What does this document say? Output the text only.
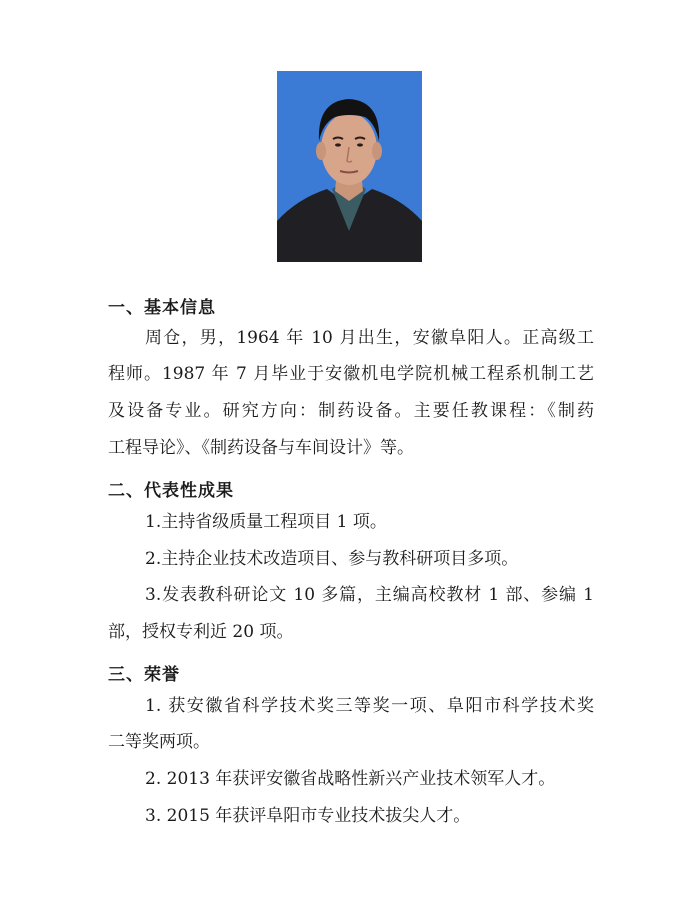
一、基本信息
周仓，男，1964 年 10 月出生，安徽阜阳人。正高级工
程师。1987 年 7 月毕业于安徽机电学院机械工程系机制工艺
及设备专业。研究方向：制药设备。主要任教课程：《制药
工程导论》、《制药设备与车间设计》等。
二、代表性成果
1.主持省级质量工程项目 1 项。
2.主持企业技术改造项目、参与教科研项目多项。
3.发表教科研论文 10 多篇，主编高校教材 1 部、参编 1
部，授权专利近 20 项。
三、荣誉
1. 获安徽省科学技术奖三等奖一项、阜阳市科学技术奖
二等奖两项。
2. 2013 年获评安徽省战略性新兴产业技术领军人才。
3. 2015 年获评阜阳市专业技术拔尖人才。
